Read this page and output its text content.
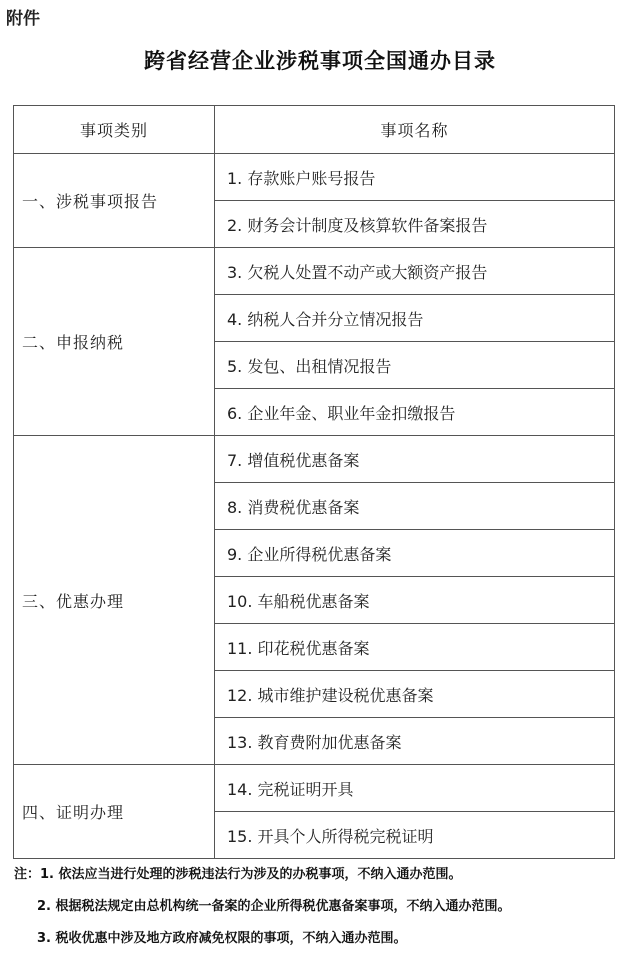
附件
跨省经营企业涉税事项全国通办目录
事项类别	事项名称
一、涉税事项报告	1. 存款账户账号报告
	2. 财务会计制度及核算软件备案报告
二、申报纳税	3. 欠税人处置不动产或大额资产报告
	4. 纳税人合并分立情况报告
	5. 发包、出租情况报告
	6. 企业年金、职业年金扣缴报告
三、优惠办理	7. 增值税优惠备案
	8. 消费税优惠备案
	9. 企业所得税优惠备案
	10. 车船税优惠备案
	11. 印花税优惠备案
	12. 城市维护建设税优惠备案
	13. 教育费附加优惠备案
四、证明办理	14. 完税证明开具
	15. 开具个人所得税完税证明
注：1. 依法应当进行处理的涉税违法行为涉及的办税事项，不纳入通办范围。
2. 根据税法规定由总机构统一备案的企业所得税优惠备案事项，不纳入通办范围。
3. 税收优惠中涉及地方政府减免权限的事项，不纳入通办范围。
